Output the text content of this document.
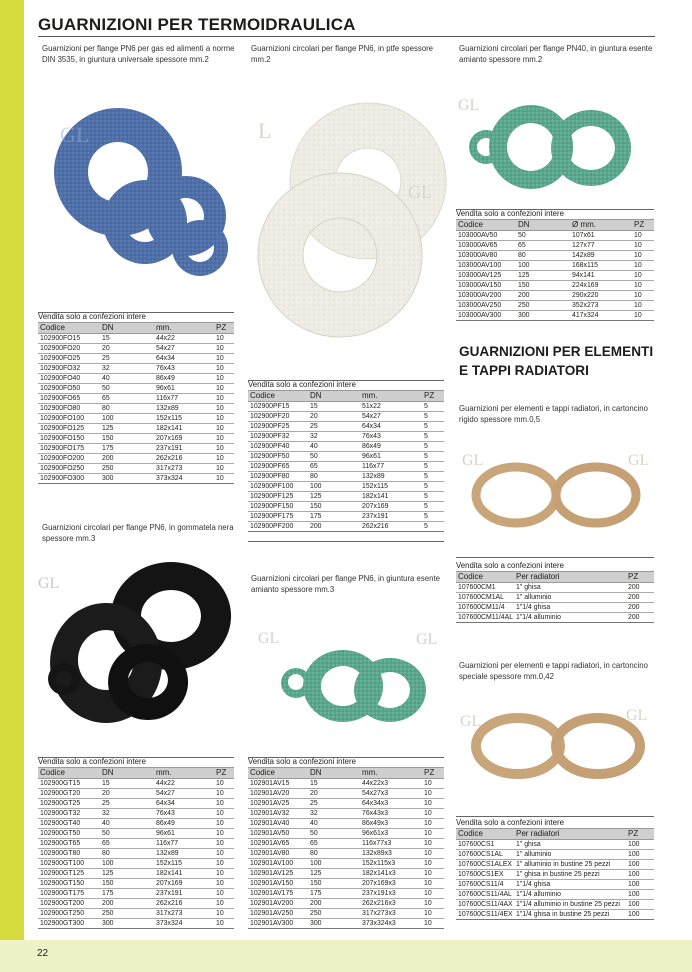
22
GUARNIZIONI PER TERMOIDRAULICA
GUARNIZIONI PER ELEMENTI E TAPPI RADIATORI
Guarnizioni per flange PN6 per gas ed alimenti a norme DIN 3535, in giuntura universale spessore mm.2
Guarnizioni circolari per flange PN6, in ptfe spessore mm.2
Guarnizioni circolari per flange PN40, in giuntura esente amianto spessore mm.2
Guarnizioni circolari per flange PN6, in gommatela nera spessore mm.3
Guarnizioni circolari per flange PN6, in giuntura esente amianto spessore mm.3
Guarnizioni per elementi e tappi radiatori, in cartoncino rigido spessore mm.0,5
Guarnizioni per elementi e tappi radiatori, in cartoncino speciale spessore mm.0,42
GL	L
GL
GL
GL
GL	GL
GL	GL
GL	GL
Vendita solo a confezioni intere
Codice	DN	mm.	PZ
102900FO15	15	44x22	10
102900FO20	20	54x27	10
102900FO25	25	64x34	10
102900FO32	32	76x43	10
102900FO40	40	86x49	10
102900FO50	50	96x61	10
102900FO65	65	116x77	10
102900FO80	80	132x89	10
102900FO100	100	152x115	10
102900FO125	125	182x141	10
102900FO150	150	207x169	10
102900FO175	175	237x191	10
102900FO200	200	262x216	10
102900FO250	250	317x273	10
102900FO300	300	373x324	10
Vendita solo a confezioni intere
Codice	DN	mm.	PZ
102900PF15	15	51x22	5
102900PF20	20	54x27	5
102900PF25	25	64x34	5
102900PF32	32	76x43	5
102900PF40	40	86x49	5
102900PF50	50	96x61	5
102900PF65	65	116x77	5
102900PF80	80	132x89	5
102900PF100	100	152x115	5
102900PF125	125	182x141	5
102900PF150	150	207x169	5
102900PF175	175	237x191	5
102900PF200	200	262x216	5
Vendita solo a confezioni intere
Codice	DN	Ø mm.	PZ
103000AV50	50	107x61	10
103000AV65	65	127x77	10
103000AV80	80	142x89	10
103000AV100	100	168x115	10
103000AV125	125	94x141	10
103000AV150	150	224x169	10
103000AV200	200	290x220	10
103000AV250	250	352x273	10
103000AV300	300	417x324	10
Vendita solo a confezioni intere
Codice	DN	mm.	PZ
102900GT15	15	44x22	10
102900GT20	20	54x27	10
102900GT25	25	64x34	10
102900GT32	32	76x43	10
102900GT40	40	86x49	10
102900GT50	50	96x61	10
102900GT65	65	116x77	10
102900GT80	80	132x89	10
102900GT100	100	152x115	10
102900GT125	125	182x141	10
102900GT150	150	207x169	10
102900GT175	175	237x191	10
102900GT200	200	262x216	10
102900GT250	250	317x273	10
102900GT300	300	373x324	10
Vendita solo a confezioni intere
Codice	DN	mm.	PZ
102901AV15	15	44x22x3	10
102901AV20	20	54x27x3	10
102901AV25	25	64x34x3	10
102901AV32	32	76x43x3	10
102901AV40	40	86x49x3	10
102901AV50	50	96x61x3	10
102901AV65	65	116x77x3	10
102901AV80	80	132x89x3	10
102901AV100	100	152x115x3	10
102901AV125	125	182x141x3	10
102901AV150	150	207x169x3	10
102901AV175	175	237x191x3	10
102901AV200	200	262x216x3	10
102901AV250	250	317x273x3	10
102901AV300	300	373x324x3	10
Vendita solo a confezioni intere
Codice	Per radiatori	PZ
107600CM1	1" ghisa	200
107600CM1AL	1" alluminio	200
107600CM11/4	1"1/4 ghisa	200
107600CM11/4AL	1"1/4 alluminio	200
Vendita solo a confezioni intere
Codice	Per radiatori	PZ
107600CS1	1" ghisa	100
107600CS1AL	1" alluminio	100
107600CS1ALEX	1" alluminio in bustine 25 pezzi	100
107600CS1EX	1" ghisa in bustine 25 pezzi	100
107600CS11/4	1"1/4 ghisa	100
107600CS11/4AL	1"1/4 alluminio	100
107600CS11/4AX	1"1/4 alluminio in bustine 25 pezzi	100
107600CS11/4EX	1"1/4 ghisa in bustine 25 pezzi	100
